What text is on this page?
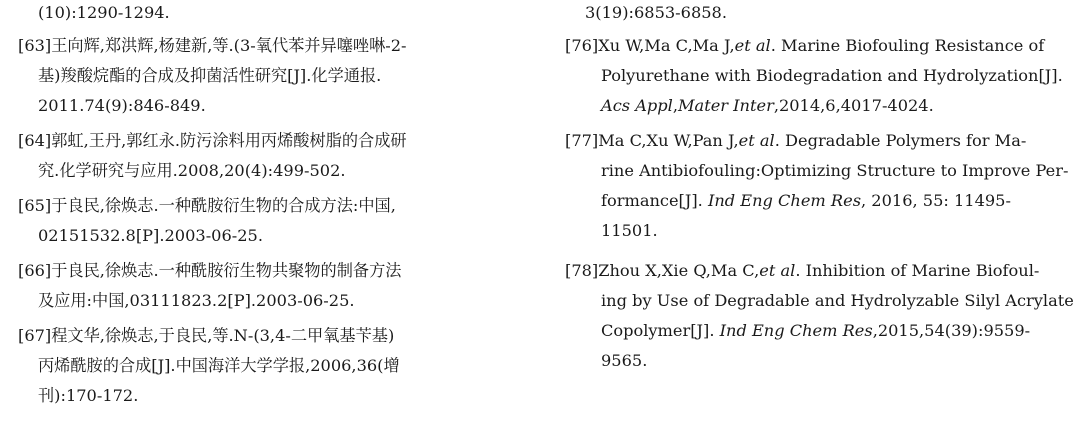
(10):1290-1294.
[63]王向辉,郑洪辉,杨建新,等.(3-氧代苯并异噻唑啉-2-
基)羧酸烷酯的合成及抑菌活性研究[J].化学通报.
2011.74(9):846-849.
[64]郭虹,王丹,郭红永.防污涂料用丙烯酸树脂的合成研
究.化学研究与应用.2008,20(4):499-502.
[65]于良民,徐焕志.一种酰胺衍生物的合成方法:中国,
02151532.8[P].2003-06-25.
[66]于良民,徐焕志.一种酰胺衍生物共聚物的制备方法
及应用:中国,03111823.2[P].2003-06-25.
[67]程文华,徐焕志,于良民,等.N-(3,4-二甲氧基苄基)
丙烯酰胺的合成[J].中国海洋大学学报,2006,36(增
刊):170-172.
3(19):6853-6858.
[76]Xu W,Ma C,Ma J,et al. Marine Biofouling Resistance of
Polyurethane with Biodegradation and Hydrolyzation[J].
Acs Appl,Mater Inter,2014,6,4017-4024.
[77]Ma C,Xu W,Pan J,et al. Degradable Polymers for Ma-
rine Antibiofouling:Optimizing Structure to Improve Per-
formance[J]. Ind Eng Chem Res, 2016, 55: 11495-
11501.
[78]Zhou X,Xie Q,Ma C,et al. Inhibition of Marine Biofoul-
ing by Use of Degradable and Hydrolyzable Silyl Acrylate
Copolymer[J]. Ind Eng Chem Res,2015,54(39):9559-
9565.
